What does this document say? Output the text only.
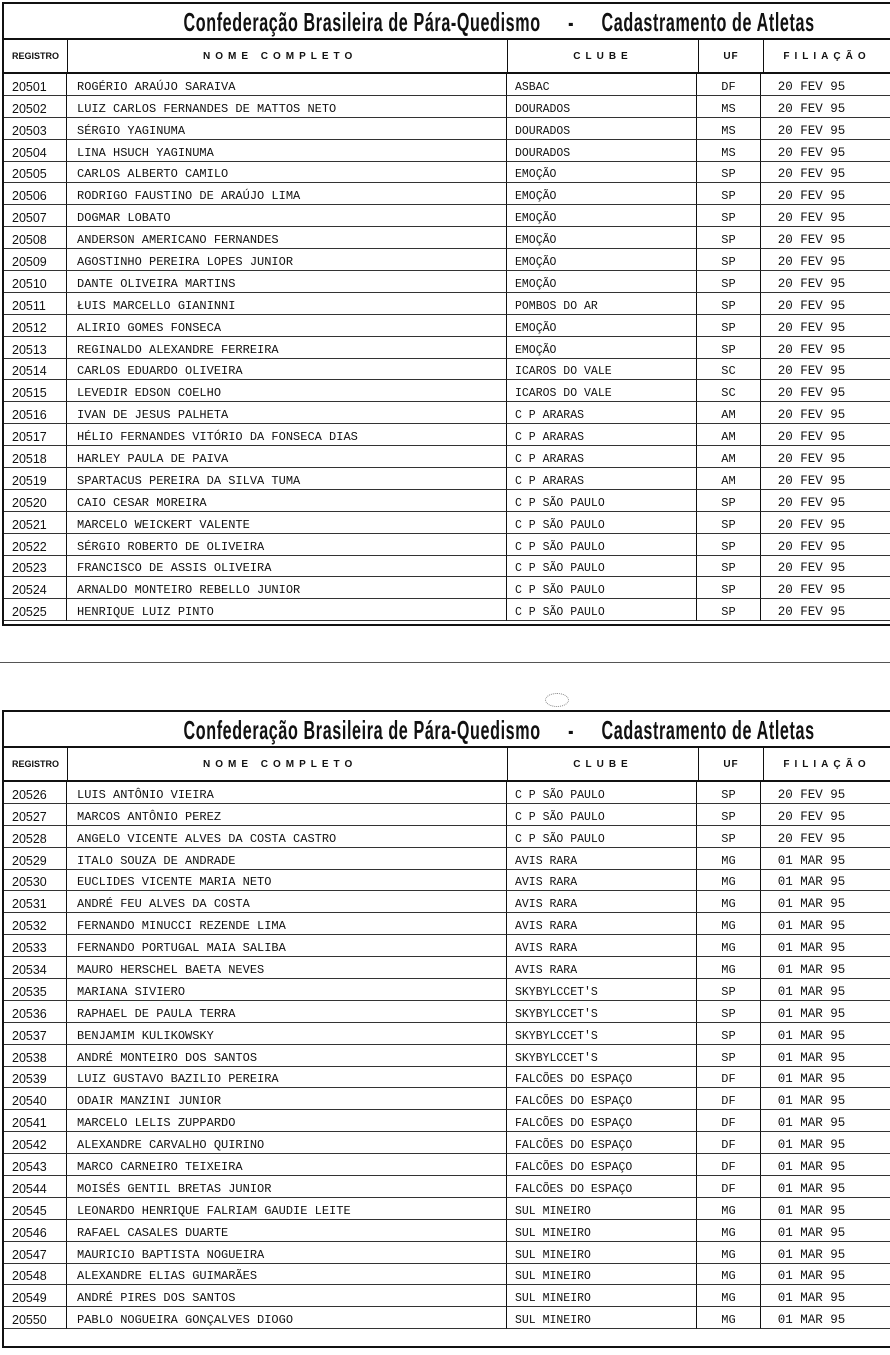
Confederação Brasileira de Pára-Quedismo - Cadastramento de Atletas
REGISTRO	NOME COMPLETO	CLUBE	UF	FILIAÇÃO
20501	ROGÉRIO ARAÚJO SARAIVA	ASBAC	DF	20 FEV 95
20502	LUIZ CARLOS FERNANDES DE MATTOS NETO	DOURADOS	MS	20 FEV 95
20503	SÉRGIO YAGINUMA	DOURADOS	MS	20 FEV 95
20504	LINA HSUCH YAGINUMA	DOURADOS	MS	20 FEV 95
20505	CARLOS ALBERTO CAMILO	EMOÇÃO	SP	20 FEV 95
20506	RODRIGO FAUSTINO DE ARAÚJO LIMA	EMOÇÃO	SP	20 FEV 95
20507	DOGMAR LOBATO	EMOÇÃO	SP	20 FEV 95
20508	ANDERSON AMERICANO FERNANDES	EMOÇÃO	SP	20 FEV 95
20509	AGOSTINHO PEREIRA LOPES JUNIOR	EMOÇÃO	SP	20 FEV 95
20510	DANTE OLIVEIRA MARTINS	EMOÇÃO	SP	20 FEV 95
20511	ŁUIS MARCELLO GIANINNI	POMBOS DO AR	SP	20 FEV 95
20512	ALIRIO GOMES FONSECA	EMOÇÃO	SP	20 FEV 95
20513	REGINALDO ALEXANDRE FERREIRA	EMOÇÃO	SP	20 FEV 95
20514	CARLOS EDUARDO OLIVEIRA	ICAROS DO VALE	SC	20 FEV 95
20515	LEVEDIR EDSON COELHO	ICAROS DO VALE	SC	20 FEV 95
20516	IVAN DE JESUS PALHETA	C P ARARAS	AM	20 FEV 95
20517	HÉLIO FERNANDES VITÓRIO DA FONSECA DIAS	C P ARARAS	AM	20 FEV 95
20518	HARLEY PAULA DE PAIVA	C P ARARAS	AM	20 FEV 95
20519	SPARTACUS PEREIRA DA SILVA TUMA	C P ARARAS	AM	20 FEV 95
20520	CAIO CESAR MOREIRA	C P SÃO PAULO	SP	20 FEV 95
20521	MARCELO WEICKERT VALENTE	C P SÃO PAULO	SP	20 FEV 95
20522	SÉRGIO ROBERTO DE OLIVEIRA	C P SÃO PAULO	SP	20 FEV 95
20523	FRANCISCO DE ASSIS OLIVEIRA	C P SÃO PAULO	SP	20 FEV 95
20524	ARNALDO MONTEIRO REBELLO JUNIOR	C P SÃO PAULO	SP	20 FEV 95
20525	HENRIQUE LUIZ PINTO	C P SÃO PAULO	SP	20 FEV 95
Confederação Brasileira de Pára-Quedismo - Cadastramento de Atletas
REGISTRO	NOME COMPLETO	CLUBE	UF	FILIAÇÃO
20526	LUIS ANTÔNIO VIEIRA	C P SÃO PAULO	SP	20 FEV 95
20527	MARCOS ANTÔNIO PEREZ	C P SÃO PAULO	SP	20 FEV 95
20528	ANGELO VICENTE ALVES DA COSTA CASTRO	C P SÃO PAULO	SP	20 FEV 95
20529	ITALO SOUZA DE ANDRADE	AVIS RARA	MG	01 MAR 95
20530	EUCLIDES VICENTE MARIA NETO	AVIS RARA	MG	01 MAR 95
20531	ANDRÉ FEU ALVES DA COSTA	AVIS RARA	MG	01 MAR 95
20532	FERNANDO MINUCCI REZENDE LIMA	AVIS RARA	MG	01 MAR 95
20533	FERNANDO PORTUGAL MAIA SALIBA	AVIS RARA	MG	01 MAR 95
20534	MAURO HERSCHEL BAETA NEVES	AVIS RARA	MG	01 MAR 95
20535	MARIANA SIVIERO	SKYBYLCCET'S	SP	01 MAR 95
20536	RAPHAEL DE PAULA TERRA	SKYBYLCCET'S	SP	01 MAR 95
20537	BENJAMIM KULIKOWSKY	SKYBYLCCET'S	SP	01 MAR 95
20538	ANDRÉ MONTEIRO DOS SANTOS	SKYBYLCCET'S	SP	01 MAR 95
20539	LUIZ GUSTAVO BAZILIO PEREIRA	FALCÕES DO ESPAÇO	DF	01 MAR 95
20540	ODAIR MANZINI JUNIOR	FALCÕES DO ESPAÇO	DF	01 MAR 95
20541	MARCELO LELIS ZUPPARDO	FALCÕES DO ESPAÇO	DF	01 MAR 95
20542	ALEXANDRE CARVALHO QUIRINO	FALCÕES DO ESPAÇO	DF	01 MAR 95
20543	MARCO CARNEIRO TEIXEIRA	FALCÕES DO ESPAÇO	DF	01 MAR 95
20544	MOISÉS GENTIL BRETAS JUNIOR	FALCÕES DO ESPAÇO	DF	01 MAR 95
20545	LEONARDO HENRIQUE FALRIAM GAUDIE LEITE	SUL MINEIRO	MG	01 MAR 95
20546	RAFAEL CASALES DUARTE	SUL MINEIRO	MG	01 MAR 95
20547	MAURICIO BAPTISTA NOGUEIRA	SUL MINEIRO	MG	01 MAR 95
20548	ALEXANDRE ELIAS GUIMARÃES	SUL MINEIRO	MG	01 MAR 95
20549	ANDRÉ PIRES DOS SANTOS	SUL MINEIRO	MG	01 MAR 95
20550	PABLO NOGUEIRA GONÇALVES DIOGO	SUL MINEIRO	MG	01 MAR 95
